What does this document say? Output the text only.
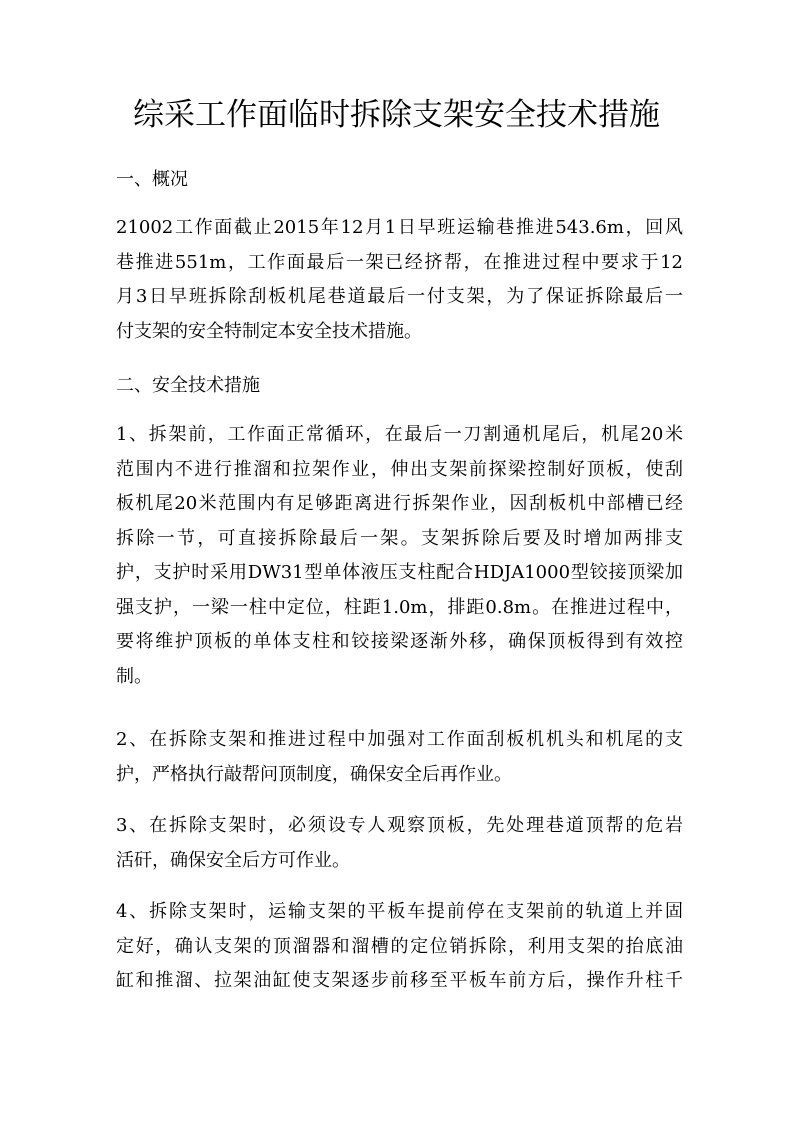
综采工作面临时拆除支架安全技术措施
一、概况
21002工作面截止2015年12月1日早班运输巷推进543.6m，回风
巷推进551m，工作面最后一架已经挤帮，在推进过程中要求于12
月3日早班拆除刮板机尾巷道最后一付支架，为了保证拆除最后一
付支架的安全特制定本安全技术措施。
二、安全技术措施
1、拆架前，工作面正常循环，在最后一刀割通机尾后，机尾20米
范围内不进行推溜和拉架作业，伸出支架前探梁控制好顶板，使刮
板机尾20米范围内有足够距离进行拆架作业，因刮板机中部槽已经
拆除一节，可直接拆除最后一架。支架拆除后要及时增加两排支
护，支护时采用DW31型单体液压支柱配合HDJA1000型铰接顶梁加
强支护，一梁一柱中定位，柱距1.0m，排距0.8m。在推进过程中，
要将维护顶板的单体支柱和铰接梁逐渐外移，确保顶板得到有效控
制。
2、在拆除支架和推进过程中加强对工作面刮板机机头和机尾的支
护，严格执行敲帮问顶制度，确保安全后再作业。
3、在拆除支架时，必须设专人观察顶板，先处理巷道顶帮的危岩
活矸，确保安全后方可作业。
4、拆除支架时，运输支架的平板车提前停在支架前的轨道上并固
定好，确认支架的顶溜器和溜槽的定位销拆除，利用支架的抬底油
缸和推溜、拉架油缸使支架逐步前移至平板车前方后，操作升柱千
